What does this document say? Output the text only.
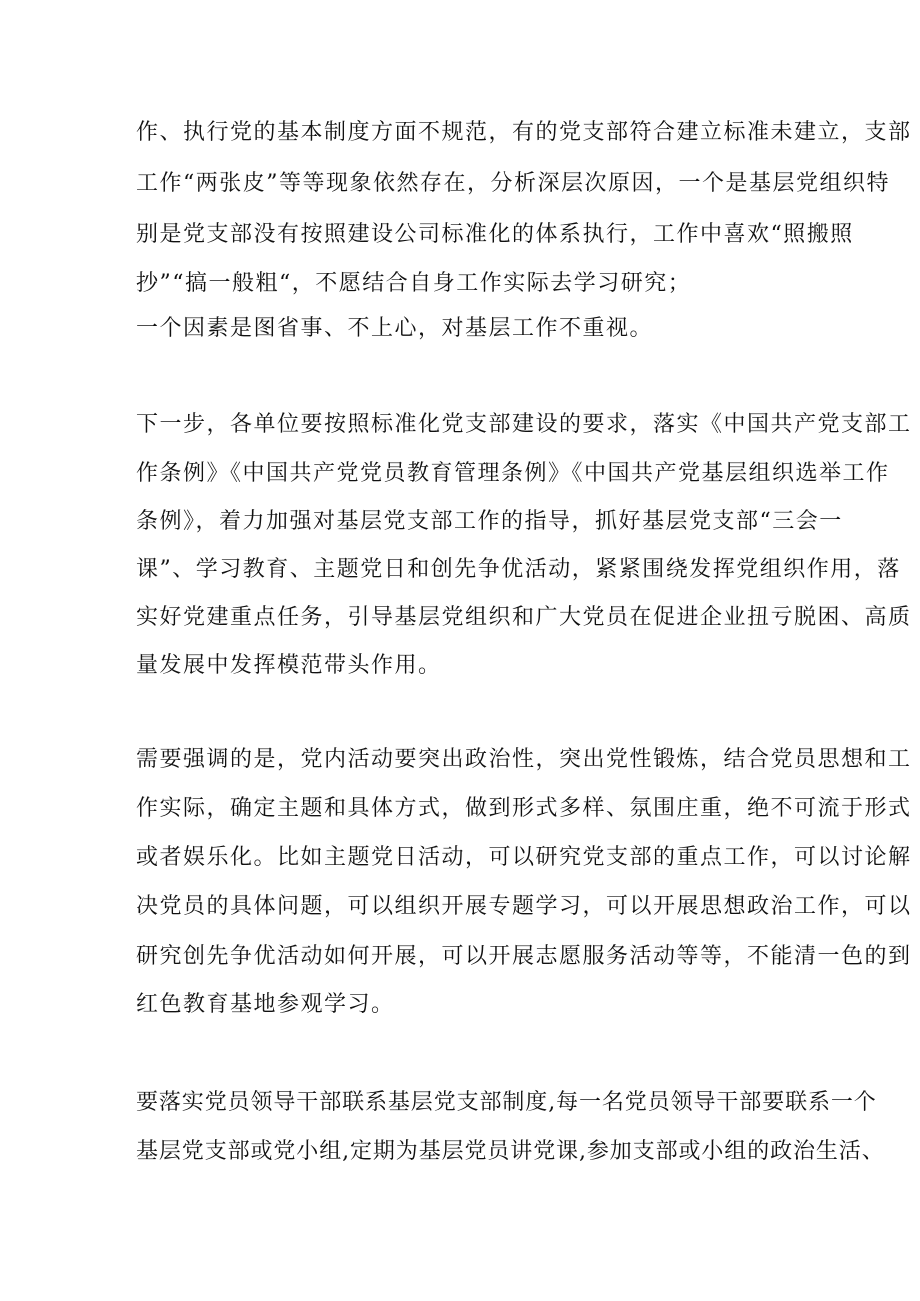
作、执行党的基本制度方面不规范，有的党支部符合建立标准未建立，支部
工作“两张皮”等等现象依然存在，分析深层次原因，一个是基层党组织特
别是党支部没有按照建设公司标准化的体系执行，工作中喜欢“照搬照
抄”“搞一般粗“，不愿结合自身工作实际去学习研究；
一个因素是图省事、不上心，对基层工作不重视。
下一步，各单位要按照标准化党支部建设的要求，落实《中国共产党支部工
作条例》《中国共产党党员教育管理条例》《中国共产党基层组织选举工作
条例》，着力加强对基层党支部工作的指导，抓好基层党支部“三会一
课”、学习教育、主题党日和创先争优活动，紧紧围绕发挥党组织作用，落
实好党建重点任务，引导基层党组织和广大党员在促进企业扭亏脱困、高质
量发展中发挥模范带头作用。
需要强调的是，党内活动要突出政治性，突出党性锻炼，结合党员思想和工
作实际，确定主题和具体方式，做到形式多样、氛围庄重，绝不可流于形式
或者娱乐化。比如主题党日活动，可以研究党支部的重点工作，可以讨论解
决党员的具体问题，可以组织开展专题学习，可以开展思想政治工作，可以
研究创先争优活动如何开展，可以开展志愿服务活动等等，不能清一色的到
红色教育基地参观学习。
要落实党员领导干部联系基层党支部制度,每一名党员领导干部要联系一个
基层党支部或党小组,定期为基层党员讲党课,参加支部或小组的政治生活、
